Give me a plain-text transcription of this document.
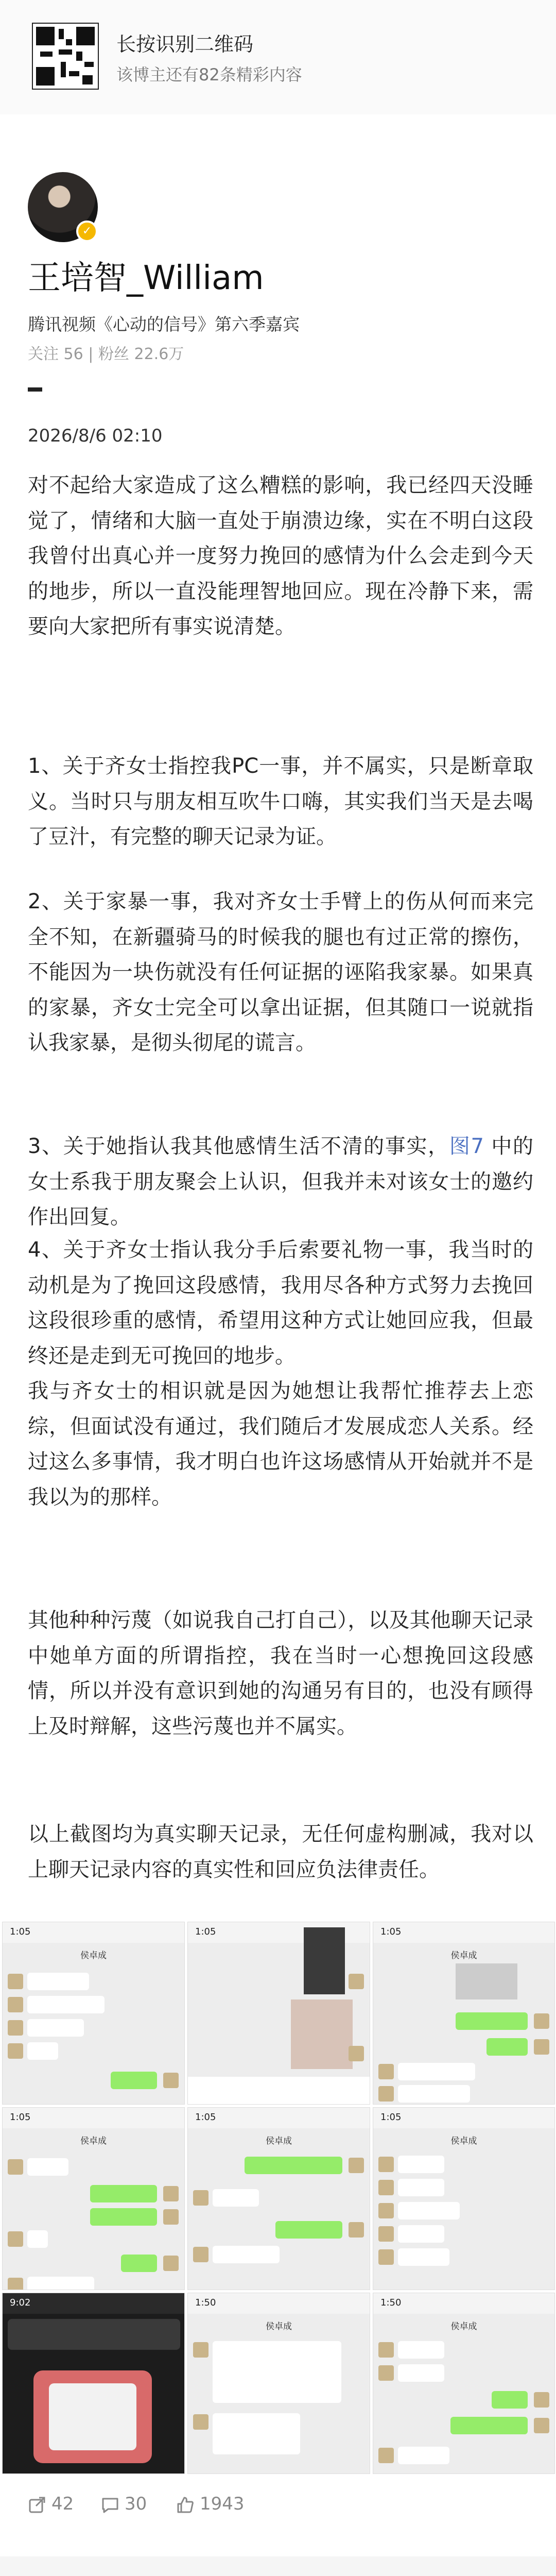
长按识别二维码
该博主还有82条精彩内容
✓
王培智_William
腾讯视频《心动的信号》第六季嘉宾
关注 56 | 粉丝 22.6万
2026/8/6 02:10
对不起给大家造成了这么糟糕的影响，我已经四天没睡觉了，情绪和大脑一直处于崩溃边缘，实在不明白这段我曾付出真心并一度努力挽回的感情为什么会走到今天的地步，所以一直没能理智地回应。现在冷静下来，需要向大家把所有事实说清楚。
1、关于齐女士指控我PC一事，并不属实，只是断章取义。当时只与朋友相互吹牛口嗨，其实我们当天是去喝了豆汁，有完整的聊天记录为证。
2、关于家暴一事，我对齐女士手臂上的伤从何而来完全不知，在新疆骑马的时候我的腿也有过正常的擦伤，不能因为一块伤就没有任何证据的诬陷我家暴。如果真的家暴，齐女士完全可以拿出证据，但其随口一说就指认我家暴，是彻头彻尾的谎言。
3、关于她指认我其他感情生活不清的事实，图7 中的女士系我于朋友聚会上认识，但我并未对该女士的邀约作出回复。
4、关于齐女士指认我分手后索要礼物一事，我当时的动机是为了挽回这段感情，我用尽各种方式努力去挽回这段很珍重的感情，希望用这种方式让她回应我，但最终还是走到无可挽回的地步。
我与齐女士的相识就是因为她想让我帮忙推荐去上恋综，但面试没有通过，我们随后才发展成恋人关系。经过这么多事情，我才明白也许这场感情从开始就并不是我以为的那样。
其他种种污蔑（如说我自己打自己），以及其他聊天记录中她单方面的所谓指控，我在当时一心想挽回这段感情，所以并没有意识到她的沟通另有目的，也没有顾得上及时辩解，这些污蔑也并不属实。
以上截图均为真实聊天记录，无任何虚构删减，我对以上聊天记录内容的真实性和回应负法律责任。
1:05
侯卓成
1:05	1:05
侯卓成
1:05
侯卓成
1:05
侯卓成
1:05
侯卓成
9:02	1:50
侯卓成
1:50
侯卓成
42	30	1943
